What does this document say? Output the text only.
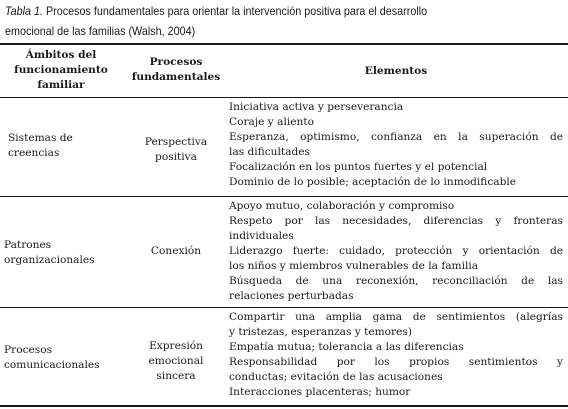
Tabla 1. Procesos fundamentales para orientar la intervención positiva para el desarrollo
emocional de las familias (Walsh, 2004)
Ámbitos del
funcionamiento
familiar
Procesos
fundamentales	Elementos
Sistemas de
creencias
Perspectiva
positiva
Iniciativa activa y perseverancia
Coraje y aliento
Esperanza, optimismo, confianza en la superación de
las dificultades
Focalización en los puntos fuertes y el potencial
Dominio de lo posible; aceptación de lo inmodificable
Patrones
organizacionales
Conexión
Apoyo mutuo, colaboración y compromiso
Respeto por las necesidades, diferencias y fronteras
individuales
Liderazgo fuerte: cuidado, protección y orientación de
los niños y miembros vulnerables de la familia
Búsqueda de una reconexión, reconciliación de las
relaciones perturbadas
Procesos
comunicacionales
Expresión
emocional
sincera
Compartir una amplia gama de sentimientos (alegrías
y tristezas, esperanzas y temores)
Empatía mutua; tolerancia a las diferencias
Responsabilidad por los propios sentimientos y
conductas; evitación de las acusaciones
Interacciones placenteras; humor
